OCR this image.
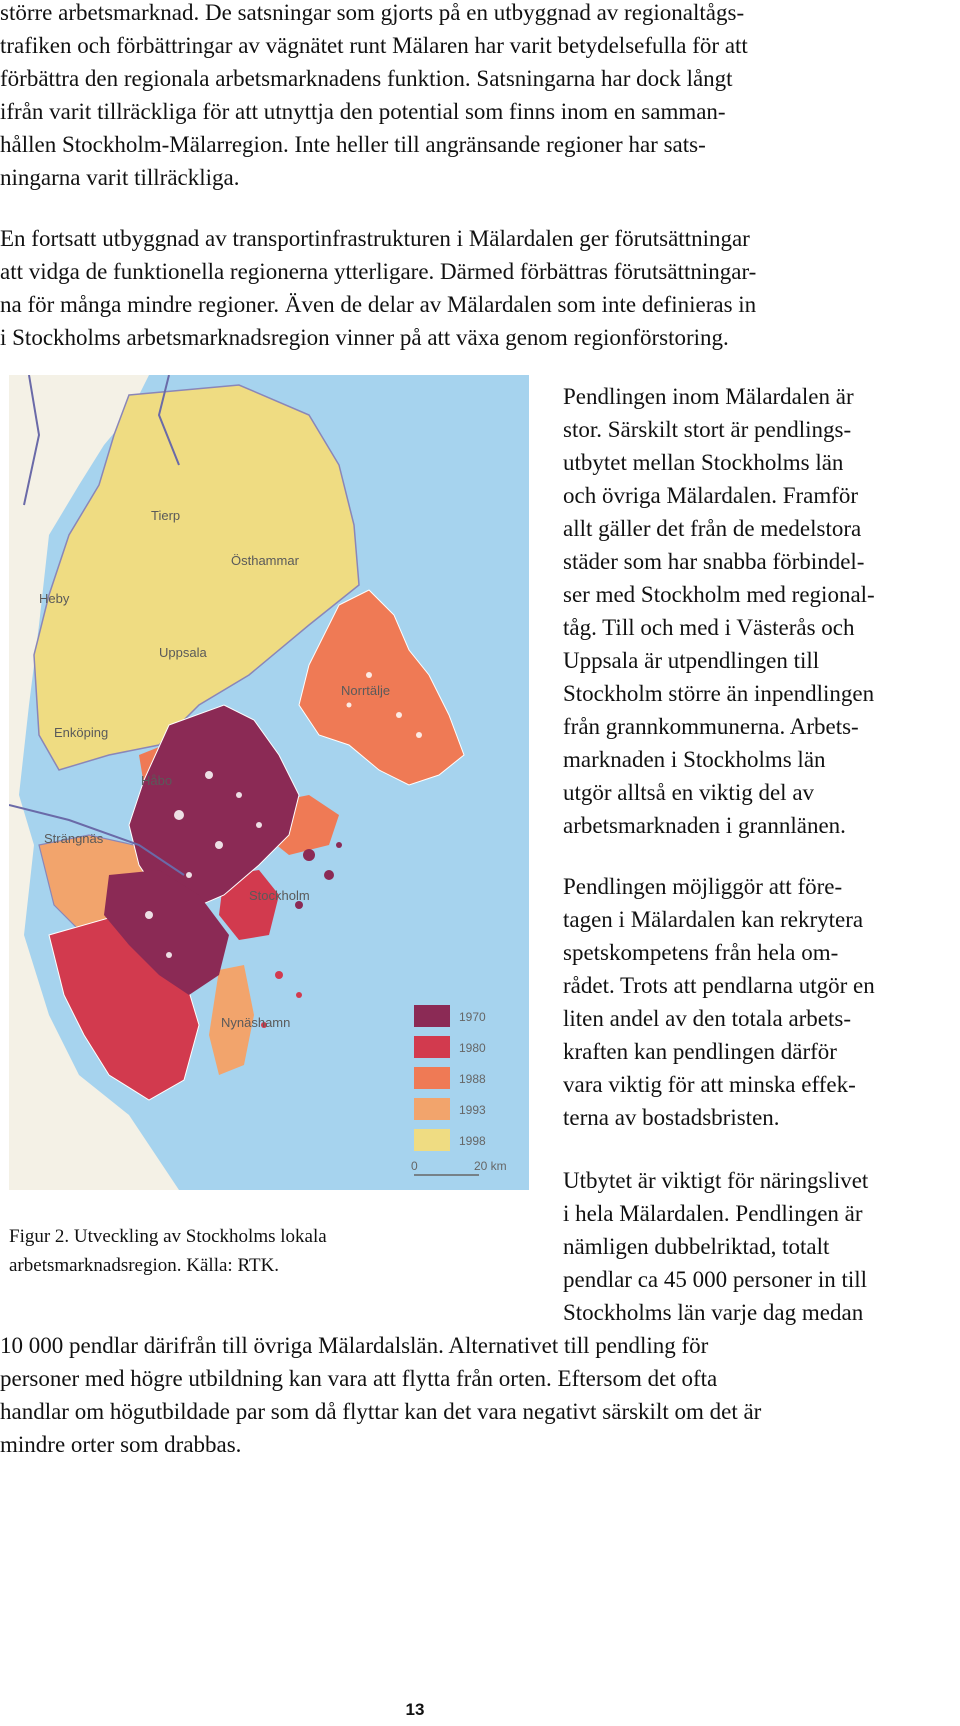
större arbetsmarknad. De satsningar som gjorts på en utbyggnad av regionaltågs-
trafiken och förbättringar av vägnätet runt Mälaren har varit betydelsefulla för att
förbättra den regionala arbetsmarknadens funktion. Satsningarna har dock långt
ifrån varit tillräckliga för att utnyttja den potential som finns inom en samman-
hållen Stockholm-Mälarregion. Inte heller till angränsande regioner har sats-
ningarna varit tillräckliga.
En fortsatt utbyggnad av transportinfrastrukturen i Mälardalen ger förutsättningar
att vidga de funktionella regionerna ytterligare. Därmed förbättras förutsättningar-
na för många mindre regioner. Även de delar av Mälardalen som inte definieras in
i Stockholms arbetsmarknadsregion vinner på att växa genom regionförstoring.
Tierp
Östhammar
Heby
Uppsala
Norrtälje
Enköping
Håbo
Strängnäs
Stockholm
Nynäshamn	1970
1980
1988
1993
1998
0	20 km
Figur 2. Utveckling av Stockholms lokala
arbetsmarknadsregion. Källa: RTK.
Pendlingen inom Mälardalen är
stor. Särskilt stort är pendlings-
utbytet mellan Stockholms län
och övriga Mälardalen. Framför
allt gäller det från de medelstora
städer som har snabba förbindel-
ser med Stockholm med regional-
tåg. Till och med i Västerås och
Uppsala är utpendlingen till
Stockholm större än inpendlingen
från grannkommunerna. Arbets-
marknaden i Stockholms län
utgör alltså en viktig del av
arbetsmarknaden i grannlänen.
Pendlingen möjliggör att före-
tagen i Mälardalen kan rekrytera
spetskompetens från hela om-
rådet. Trots att pendlarna utgör en
liten andel av den totala arbets-
kraften kan pendlingen därför
vara viktig för att minska effek-
terna av bostadsbristen.
Utbytet är viktigt för näringslivet
i hela Mälardalen. Pendlingen är
nämligen dubbelriktad, totalt
pendlar ca 45 000 personer in till
Stockholms län varje dag medan
10 000 pendlar därifrån till övriga Mälardalslän. Alternativet till pendling för
personer med högre utbildning kan vara att flytta från orten. Eftersom det ofta
handlar om högutbildade par som då flyttar kan det vara negativt särskilt om det är
mindre orter som drabbas.
13
